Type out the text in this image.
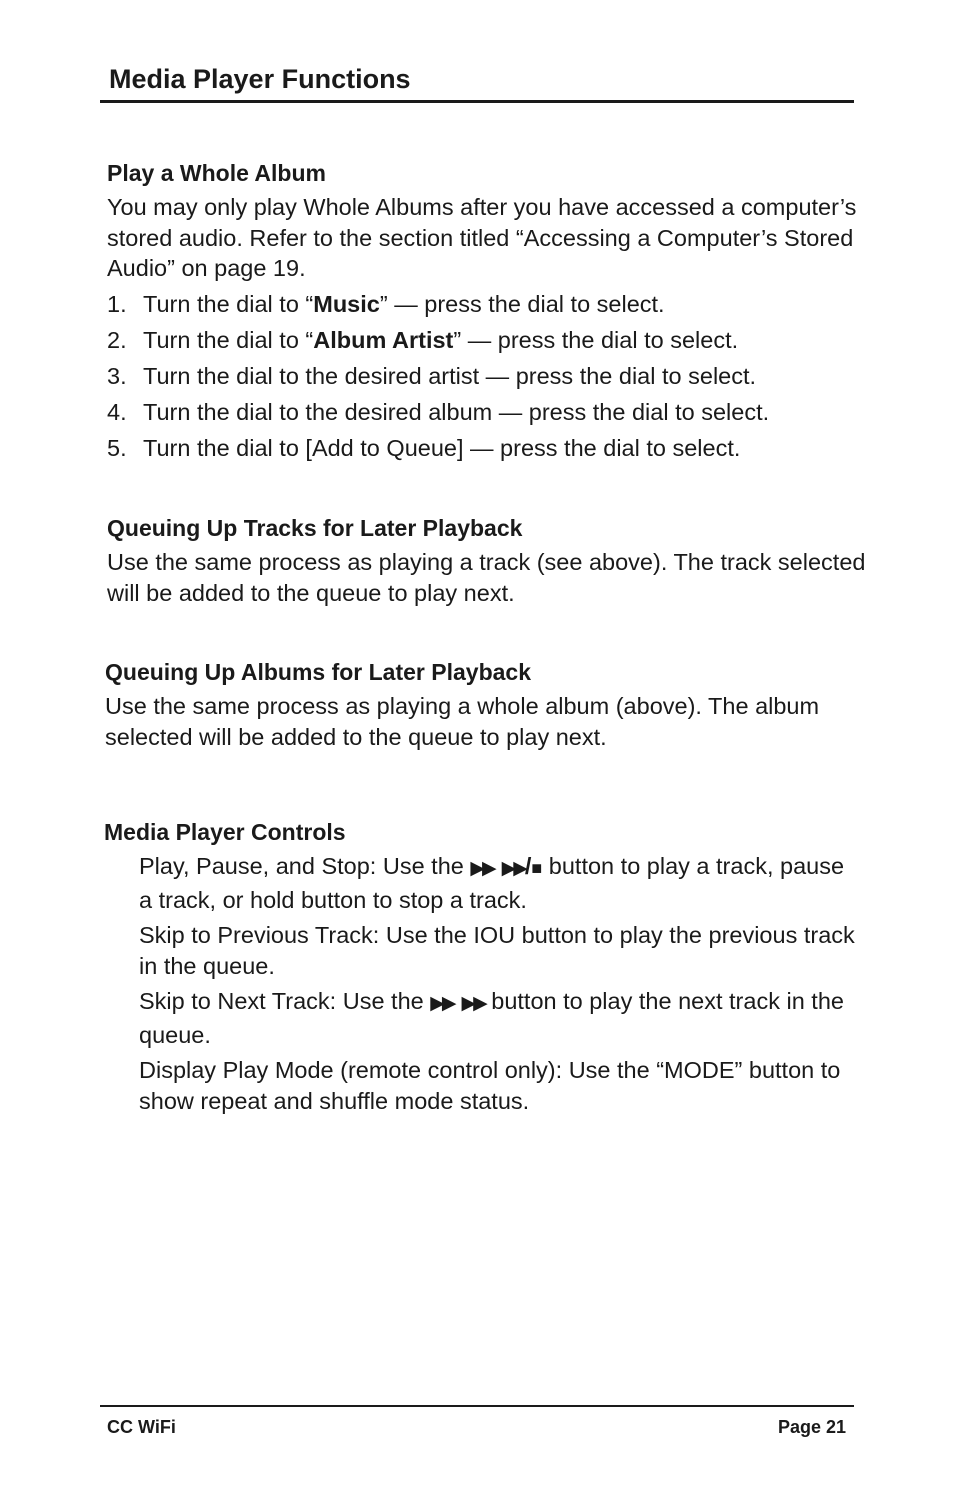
Media Player Functions
Play a Whole Album

You may only play Whole Albums after you have accessed a computer’s stored audio. Refer to the section titled “Accessing a Computer’s Stored Audio” on page 19.

1. Turn the dial to “Music” — press the dial to select.
2. Turn the dial to “Album Artist” — press the dial to select.
3. Turn the dial to the desired artist — press the dial to select.
4. Turn the dial to the desired album — press the dial to select.
5. Turn the dial to [Add to Queue] — press the dial to select.
Queuing Up Tracks for Later Playback

Use the same process as playing a track (see above). The track selected will be added to the queue to play next.

Queuing Up Albums for Later Playback

Use the same process as playing a whole album (above). The album selected will be added to the queue to play next.

Media Player Controls

Play, Pause, and Stop: Use the ▶▶ ▶▶/■ button to play a track, pause a track, or hold button to stop a track.

Skip to Previous Track: Use the IOU button to play the previous track in the queue.

Skip to Next Track: Use the ▶▶ ▶▶ button to play the next track in the queue.

Display Play Mode (remote control only): Use the “MODE” button to show repeat and shuffle mode status.

CC WiFi	Page 21
